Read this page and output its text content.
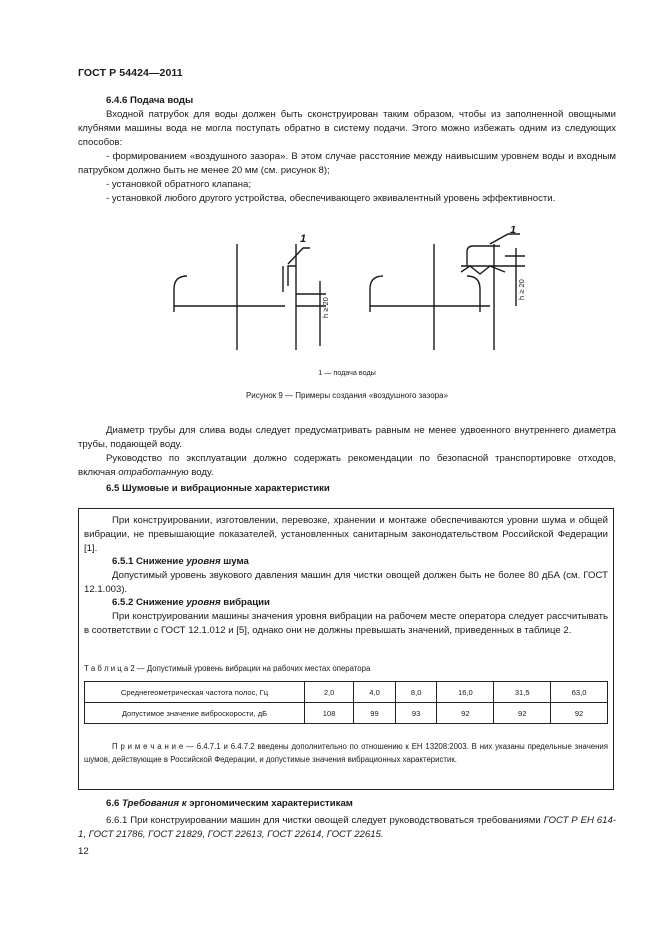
ГОСТ Р 54424—2011
6.4.6 Подача воды
Входной патрубок для воды должен быть сконструирован таким образом, чтобы из заполненной овощными клубнями машины вода не могла поступать обратно в систему подачи. Этого можно избежать одним из следующих способов:
- формированием «воздушного зазора». В этом случае расстояние между наивысшим уровнем воды и входным патрубком должно быть не менее 20 мм (см. рисунок 8);
- установкой обратного клапана;
- установкой любого другого устройства, обеспечивающего эквивалентный уровень эффективности.
1
1
h ≥ 20
h ≥ 20
1 — подача воды
Рисунок 9 — Примеры создания «воздушного зазора»
Диаметр трубы для слива воды следует предусматривать равным не менее удвоенного внутреннего диаметра трубы, подающей воду.
Руководство по эксплуатации должно содержать рекомендации по безопасной транспортировке отходов, включая отработанную воду.
6.5 Шумовые и вибрационные характеристики
При конструировании, изготовлении, перевозке, хранении и монтаже обеспечиваются уровни шума и общей вибрации, не превышающие показателей, установленных санитарным законодательством Российской Федерации [1].
6.5.1 Снижение уровня шума
Допустимый уровень звукового давления машин для чистки овощей должен быть не более 80 дБА (см. ГОСТ 12.1.003).
6.5.2 Снижение уровня вибрации
При конструировании машины значения уровня вибрации на рабочем месте оператора следует рассчитывать в соответствии с ГОСТ 12.1.012 и [5], однако они не должны превышать значений, приведенных в таблице 2.
Т а б л и ц а 2 — Допустимый уровень вибрации на рабочих местах оператора
Среднегеометрическая частота полос, Гц	2,0	4,0	8,0	16,0	31,5	63,0
Допустимое значение виброскорости, дБ	108	99	93	92	92	92
П р и м е ч а н и е — 6.4.7.1 и 6.4.7.2 введены дополнительно по отношению к ЕН 13208:2003. В них указаны предельные значения шумов, действующие в Российской Федерации, и допустимые значения вибрационных характеристик.
6.6 Требования к эргономическим характеристикам
6.6.1 При конструировании машин для чистки овощей следует руководствоваться требованиями ГОСТ Р ЕН 614-1, ГОСТ 21786, ГОСТ 21829, ГОСТ 22613, ГОСТ 22614, ГОСТ 22615.
12
